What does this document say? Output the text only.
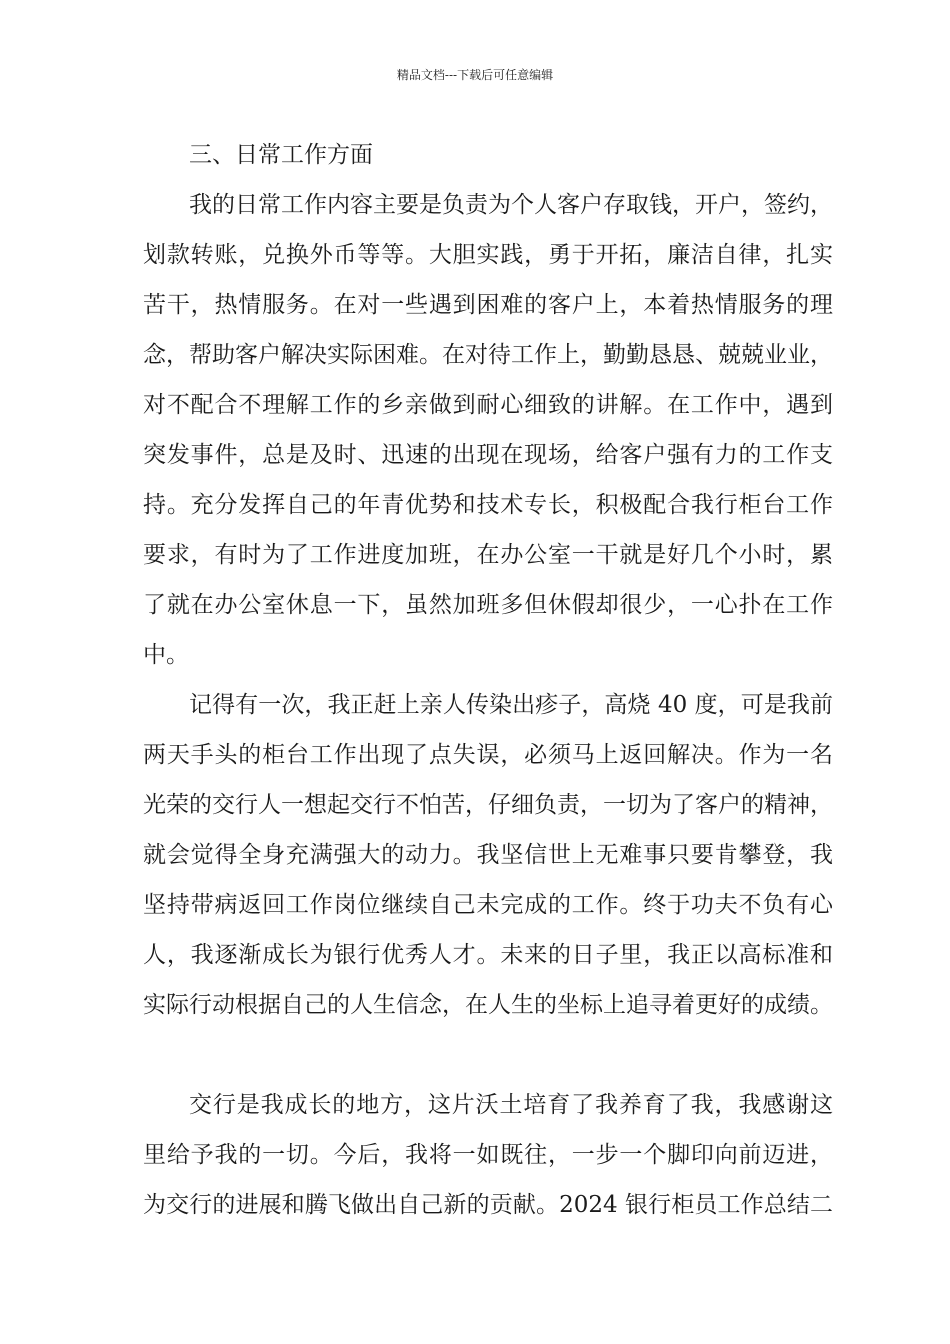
精品文档---下载后可任意编辑
三、日常工作方面
我的日常工作内容主要是负责为个人客户存取钱，开户，签约，
划款转账，兑换外币等等。大胆实践，勇于开拓，廉洁自律，扎实
苦干，热情服务。在对一些遇到困难的客户上，本着热情服务的理
念，帮助客户解决实际困难。在对待工作上，勤勤恳恳、兢兢业业，
对不配合不理解工作的乡亲做到耐心细致的讲解。在工作中，遇到
突发事件，总是及时、迅速的出现在现场，给客户强有力的工作支
持。充分发挥自己的年青优势和技术专长，积极配合我行柜台工作
要求，有时为了工作进度加班，在办公室一干就是好几个小时，累
了就在办公室休息一下，虽然加班多但休假却很少，一心扑在工作
中。
记得有一次，我正赶上亲人传染出疹子，高烧 40 度，可是我前
两天手头的柜台工作出现了点失误，必须马上返回解决。作为一名
光荣的交行人一想起交行不怕苦，仔细负责，一切为了客户的精神，
就会觉得全身充满强大的动力。我坚信世上无难事只要肯攀登，我
坚持带病返回工作岗位继续自己未完成的工作。终于功夫不负有心
人，我逐渐成长为银行优秀人才。未来的日子里，我正以高标准和
实际行动根据自己的人生信念，在人生的坐标上追寻着更好的成绩。
交行是我成长的地方，这片沃土培育了我养育了我，我感谢这
里给予我的一切。今后，我将一如既往，一步一个脚印向前迈进，
为交行的进展和腾飞做出自己新的贡献。2024 银行柜员工作总结二
